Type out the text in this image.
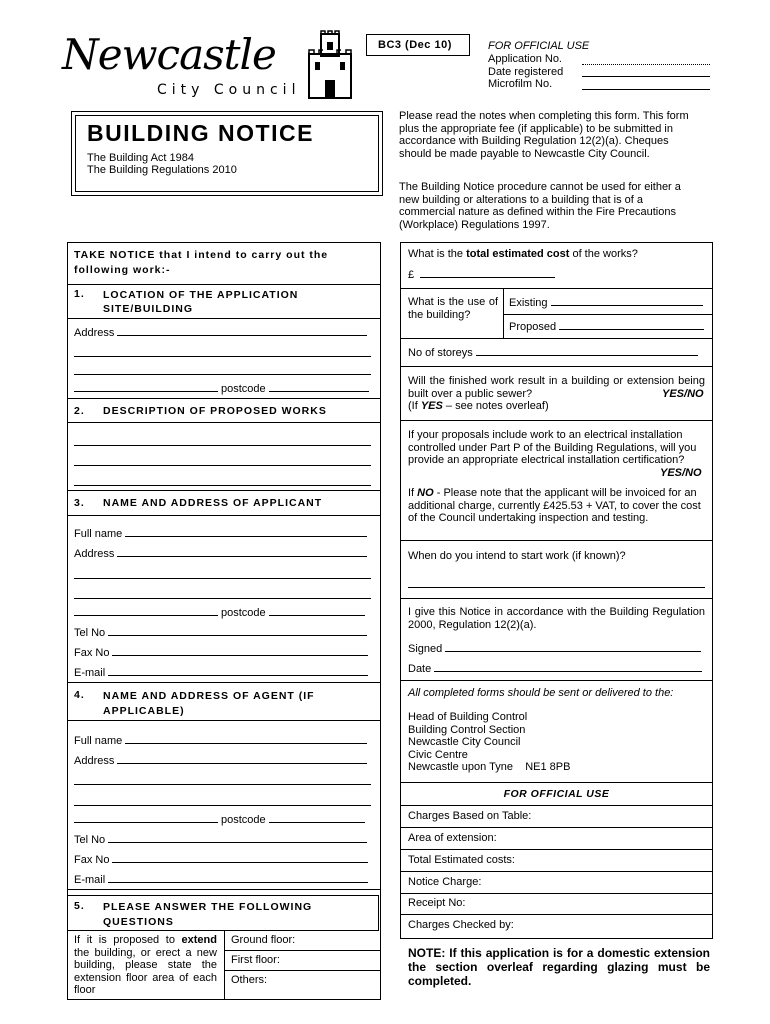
Newcastle
City Council
BC3 (Dec 10)	FOR OFFICIAL USE
Application No.
Date registered
Microfilm No.
BUILDING NOTICE
The Building Act 1984
The Building Regulations 2010
Please read the notes when completing this form. This form plus the appropriate fee (if applicable) to be submitted in accordance with Building Regulation 12(2)(a). Cheques should be made payable to Newcastle City Council.
The Building Notice procedure cannot be used for either a new building or alterations to a building that is of a commercial nature as defined within the Fire Precautions (Workplace) Regulations 1997.
TAKE NOTICE that I intend to carry out the following work:-
1. LOCATION OF THE APPLICATION SITE/BUILDING
Address
postcode
2. DESCRIPTION OF PROPOSED WORKS
3. NAME AND ADDRESS OF APPLICANT
Full name
Address
postcode
Tel No
Fax No
E-mail
4. NAME AND ADDRESS OF AGENT (IF APPLICABLE)
Full name
Address
postcode
Tel No
Fax No
E-mail
5. PLEASE ANSWER THE FOLLOWING QUESTIONS
If it is proposed to extend the building, or erect a new building, please state the extension floor area of each floor
Ground floor:
First floor:
Others:
What is the total estimated cost of the works?
£
What is the use of the building?
Existing
Proposed
No of storeys
Will the finished work result in a building or extension being built over a public sewer?	YES/NO
(If YES – see notes overleaf)
If your proposals include work to an electrical installation controlled under Part P of the Building Regulations, will you provide an appropriate electrical installation certification?
YES/NO
If NO - Please note that the applicant will be invoiced for an additional charge, currently £425.53 + VAT, to cover the cost of the Council undertaking inspection and testing.
When do you intend to start work (if known)?
I give this Notice in accordance with the Building Regulation 2000, Regulation 12(2)(a).
Signed
Date
All completed forms should be sent or delivered to the:
Head of Building Control
Building Control Section
Newcastle City Council
Civic Centre
Newcastle upon Tyne    NE1 8PB
FOR OFFICIAL USE
Charges Based on Table:
Area of extension:
Total Estimated costs:
Notice Charge:
Receipt No:
Charges Checked by:
NOTE: If this application is for a domestic extension the section overleaf regarding glazing must be completed.
